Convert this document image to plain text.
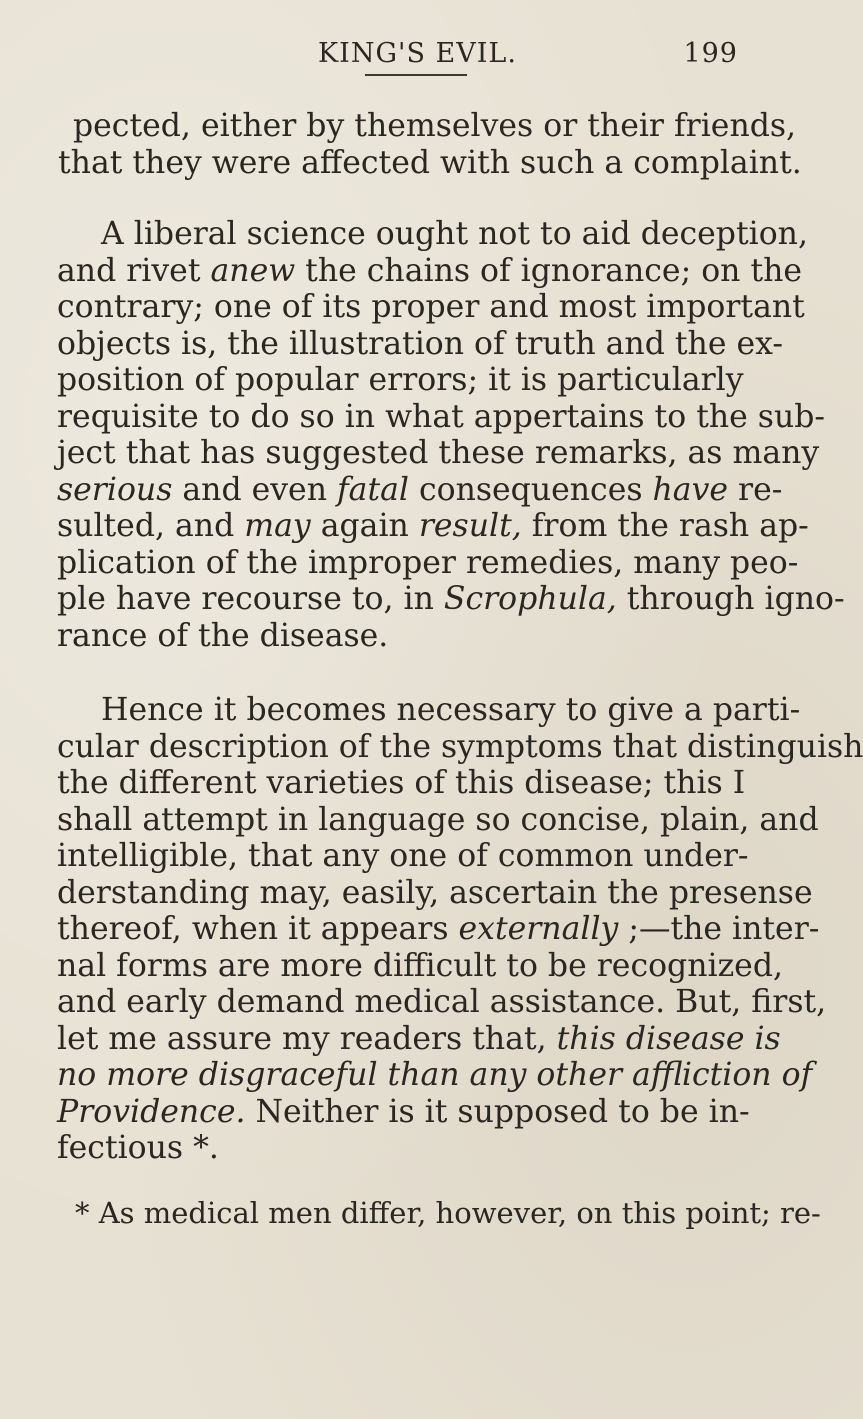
KING'S EVIL.	199
pected, either by themselves or their friends,
that they were affected with such a complaint.
A liberal science ought not to aid deception,
and rivet anew the chains of ignorance; on the
contrary; one of its proper and most important
objects is, the illustration of truth and the ex-
position of popular errors; it is particularly
requisite to do so in what appertains to the sub-
ject that has suggested these remarks, as many
serious and even fatal consequences have re-
sulted, and may again result, from the rash ap-
plication of the improper remedies, many peo-
ple have recourse to, in Scrophula, through igno-
rance of the disease.
Hence it becomes necessary to give a parti-
cular description of the symptoms that distinguish
the different varieties of this disease; this I
shall attempt in language so concise, plain, and
intelligible, that any one of common under-
derstanding may, easily, ascertain the presense
thereof, when it appears externally ;—the inter-
nal forms are more difficult to be recognized,
and early demand medical assistance. But, first,
let me assure my readers that, this disease is
no more disgraceful than any other affliction of
Providence. Neither is it supposed to be in-
fectious *.
* As medical men differ, however, on this point; re-
